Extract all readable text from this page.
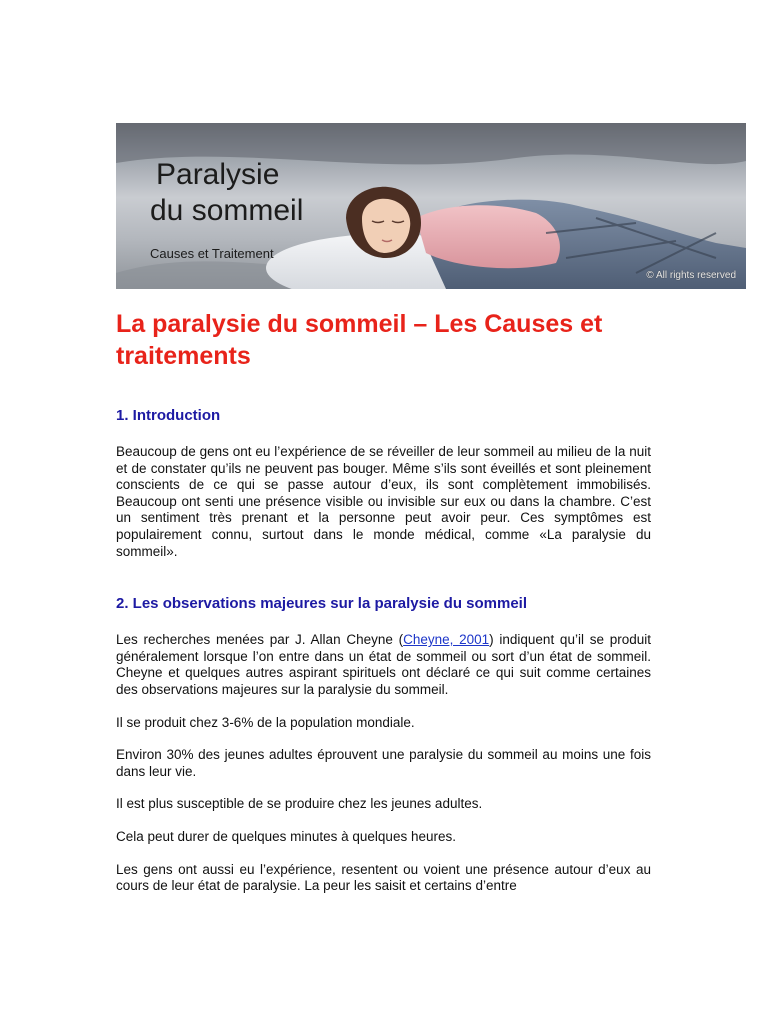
Paralysie
du sommeil
Causes et Traitement
© All rights reserved
La paralysie du sommeil – Les Causes et traitements
1. Introduction

Beaucoup de gens ont eu l’expérience de se réveiller de leur sommeil au milieu de la nuit et de constater qu’ils ne peuvent pas bouger. Même s’ils sont éveillés et sont pleinement conscients de ce qui se passe autour d’eux, ils sont complètement immobilisés. Beaucoup ont senti une présence visible ou invisible sur eux ou dans la chambre. C’est un sentiment très prenant et la personne peut avoir peur. Ces symptômes est populairement connu, surtout dans le monde médical, comme «La paralysie du sommeil».

2. Les observations majeures sur la paralysie du sommeil

Les recherches menées par J. Allan Cheyne (Cheyne, 2001) indiquent qu’il se produit généralement lorsque l’on entre dans un état de sommeil ou sort d’un état de sommeil. Cheyne et quelques autres aspirant spirituels ont déclaré ce qui suit comme certaines des observations majeures sur la paralysie du sommeil.

Il se produit chez 3-6% de la population mondiale.

Environ 30% des jeunes adultes éprouvent une paralysie du sommeil au moins une fois dans leur vie.

Il est plus susceptible de se produire chez les jeunes adultes.

Cela peut durer de quelques minutes à quelques heures.

Les gens ont aussi eu l’expérience, resentent ou voient une présence autour d’eux au cours de leur état de paralysie. La peur les saisit et certains d’entre
